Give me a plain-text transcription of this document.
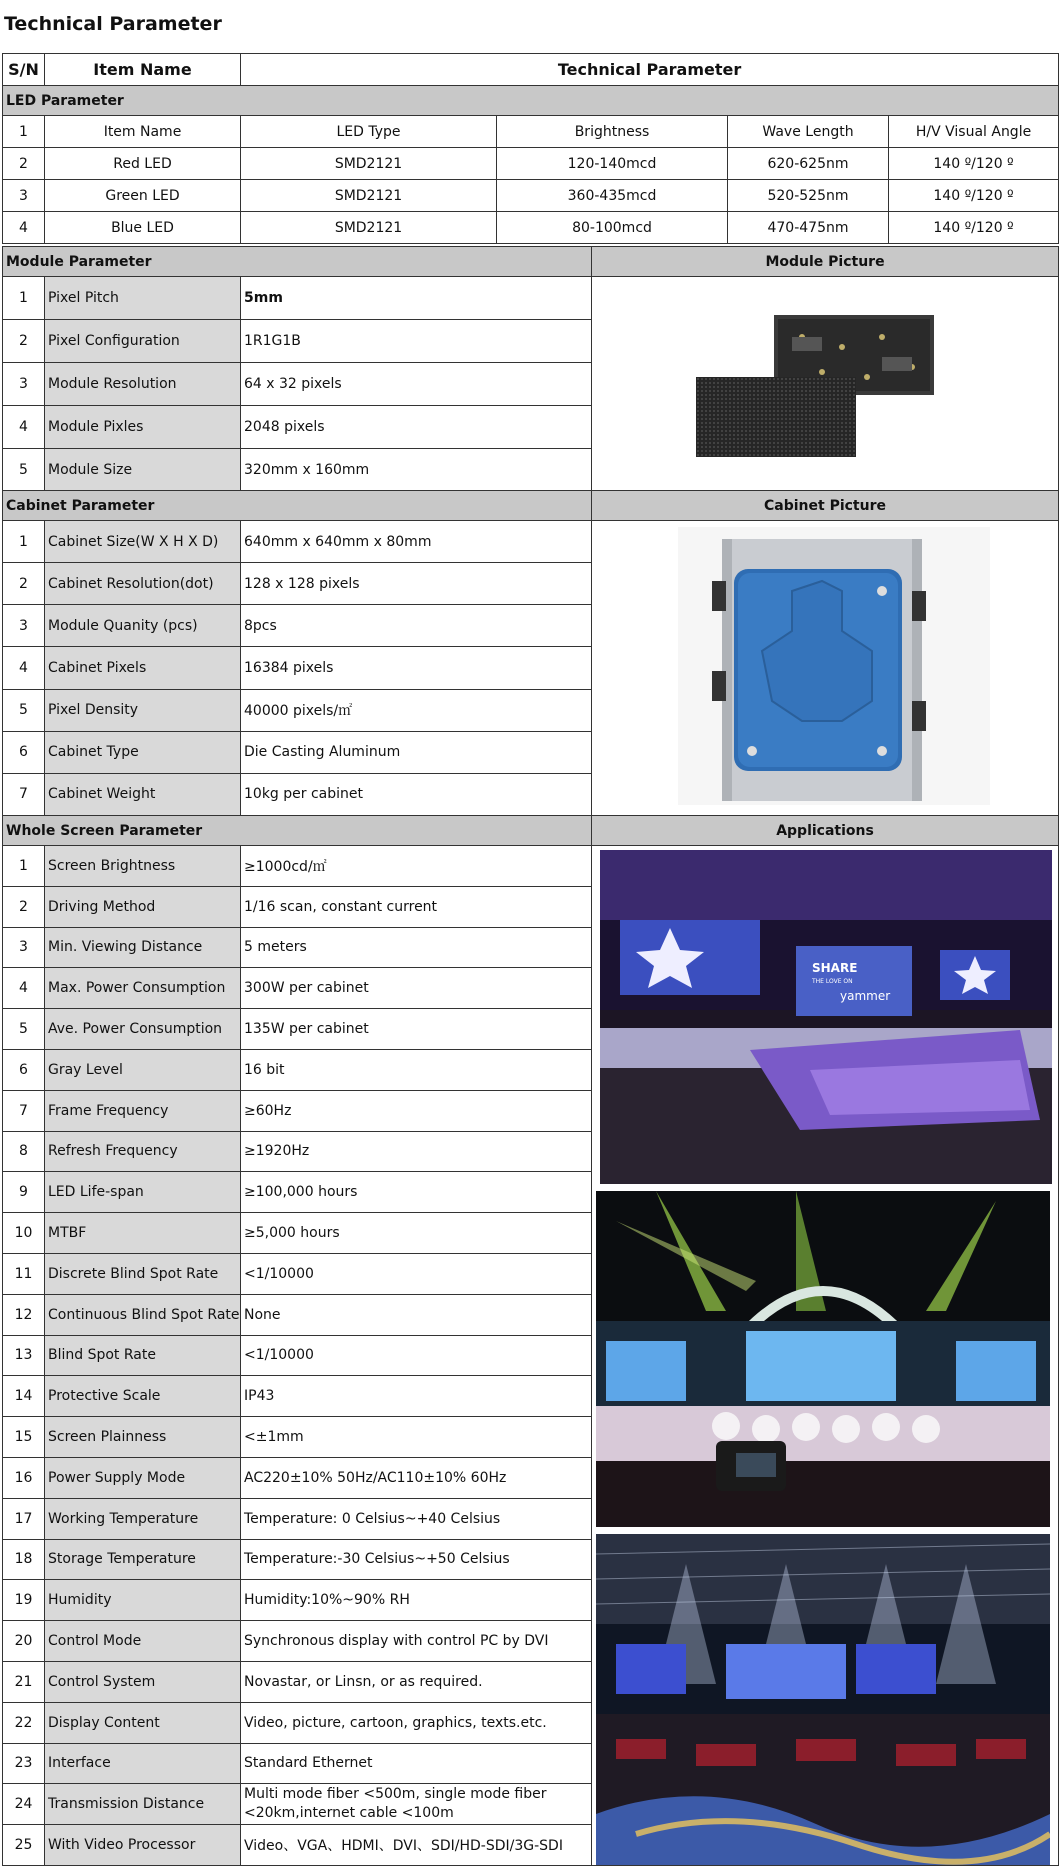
Technical Parameter
S/N	Item Name	Technical Parameter			
LED Parameter					
1	Item Name	LED Type	Brightness	Wave Length	H/V Visual Angle
2	Red LED	SMD2121	120-140mcd	620-625nm	140 º/120 º
3	Green LED	SMD2121	360-435mcd	520-525nm	140 º/120 º
4	Blue LED	SMD2121	80-100mcd	470-475nm	140 º/120 º
Module Parameter			Module Picture
1	Pixel Pitch	5mm	
2	Pixel Configuration	1R1G1B	
3	Module Resolution	64 x 32 pixels	
4	Module Pixles	2048 pixels	
5	Module Size	320mm x 160mm	
Cabinet Parameter			Cabinet Picture
1	Cabinet Size(W X H X D)	640mm x 640mm x 80mm	
2	Cabinet Resolution(dot)	128 x 128 pixels	
3	Module Quanity (pcs)	8pcs	
4	Cabinet Pixels	16384 pixels	
5	Pixel Density	40000 pixels/㎡	
6	Cabinet Type	Die Casting Aluminum	
7	Cabinet Weight	10kg per cabinet	
Whole Screen Parameter			Applications
1	Screen Brightness	≥1000cd/㎡	SHARE
THE LOVE ON
yammer

2	Driving Method	1/16 scan, constant current	
3	Min. Viewing Distance	5 meters	
4	Max. Power Consumption	300W per cabinet	
5	Ave. Power Consumption	135W per cabinet	
6	Gray Level	16 bit	
7	Frame Frequency	≥60Hz	
8	Refresh Frequency	≥1920Hz	
9	LED Life-span	≥100,000 hours	
10	MTBF	≥5,000 hours	
11	Discrete Blind Spot Rate	<1/10000	
12	Continuous Blind Spot Rate	None	
13	Blind Spot Rate	<1/10000	
14	Protective Scale	IP43	
15	Screen Plainness	<±1mm	
16	Power Supply Mode	AC220±10% 50Hz/AC110±10% 60Hz	
17	Working Temperature	Temperature: 0 Celsius~+40 Celsius	
18	Storage Temperature	Temperature:-30 Celsius~+50 Celsius	
19	Humidity	Humidity:10%~90% RH	
20	Control Mode	Synchronous display with control PC by DVI	
21	Control System	Novastar, or Linsn, or as required.	
22	Display Content	Video, picture, cartoon, graphics, texts.etc.	
23	Interface	Standard Ethernet	
24	Transmission Distance	Multi mode fiber <500m, single mode fiber <20km,internet cable <100m	
25	With Video Processor	Video、VGA、HDMI、DVI、SDI/HD-SDI/3G-SDI	
